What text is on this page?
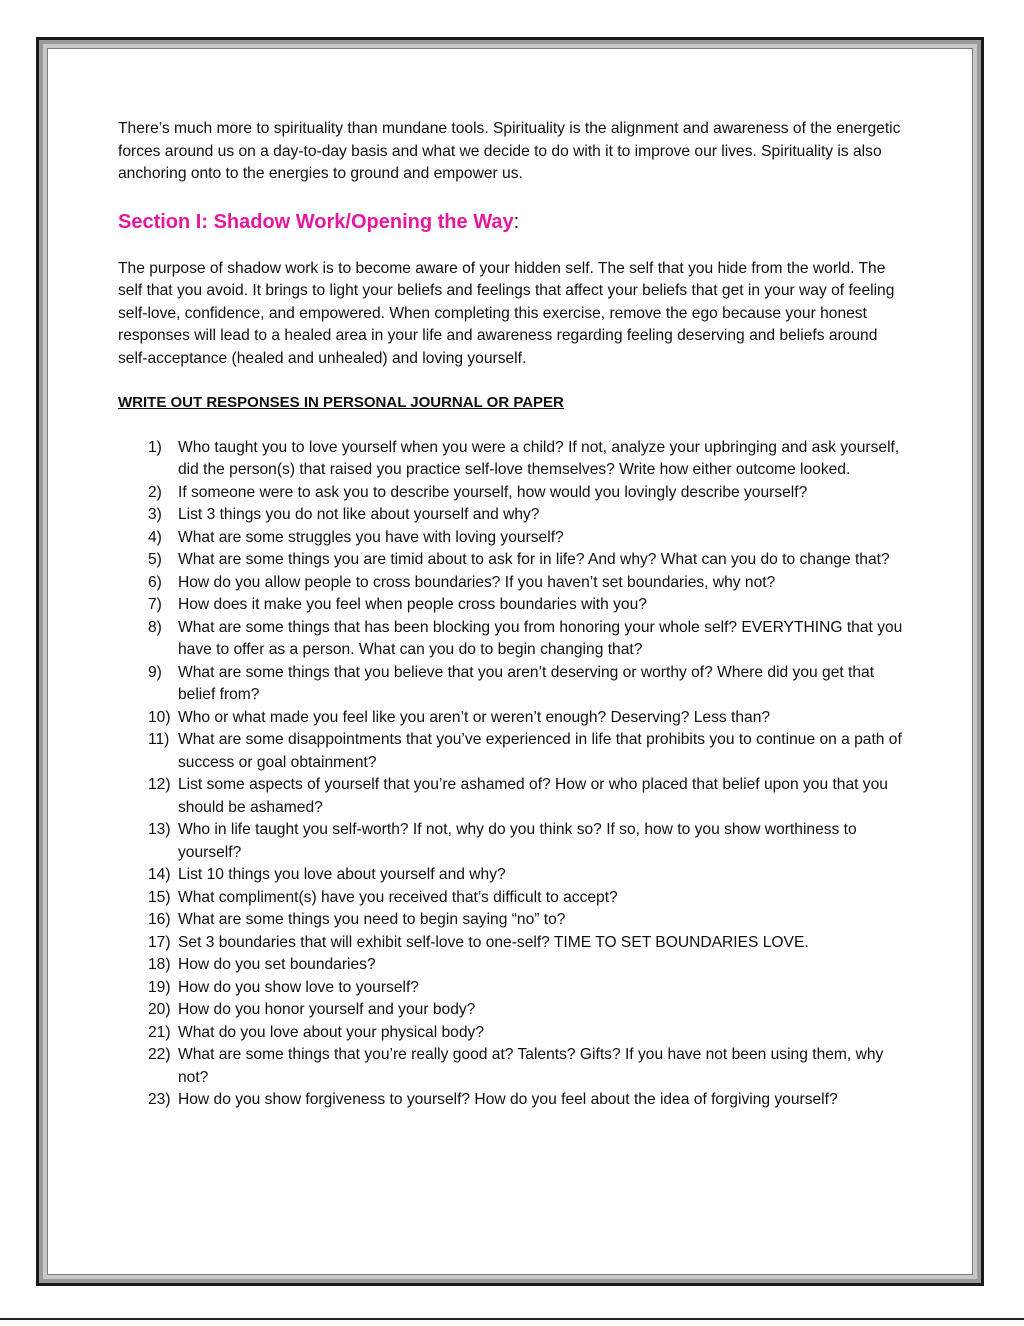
There’s much more to spirituality than mundane tools. Spirituality is the alignment and awareness of the energetic forces around us on a day-to-day basis and what we decide to do with it to improve our lives. Spirituality is also anchoring onto to the energies to ground and empower us.

Section I: Shadow Work/Opening the Way:

The purpose of shadow work is to become aware of your hidden self. The self that you hide from the world. The self that you avoid. It brings to light your beliefs and feelings that affect your beliefs that get in your way of feeling self-love, confidence, and empowered. When completing this exercise, remove the ego because your honest responses will lead to a healed area in your life and awareness regarding feeling deserving and beliefs around self-acceptance (healed and unhealed) and loving yourself.

WRITE OUT RESPONSES IN PERSONAL JOURNAL OR PAPER

1)	Who taught you to love yourself when you were a child? If not, analyze your upbringing and ask yourself, did the person(s) that raised you practice self-love themselves? Write how either outcome looked.
2)	If someone were to ask you to describe yourself, how would you lovingly describe yourself?
3)	List 3 things you do not like about yourself and why?
4)	What are some struggles you have with loving yourself?
5)	What are some things you are timid about to ask for in life? And why? What can you do to change that?
6)	How do you allow people to cross boundaries? If you haven’t set boundaries, why not?
7)	How does it make you feel when people cross boundaries with you?
8)	What are some things that has been blocking you from honoring your whole self? EVERYTHING that you have to offer as a person. What can you do to begin changing that?
9)	What are some things that you believe that you aren’t deserving or worthy of? Where did you get that belief from?
10) Who or what made you feel like you aren’t or weren’t enough? Deserving? Less than?
11) What are some disappointments that you’ve experienced in life that prohibits you to continue on a path of success or goal obtainment?
12) List some aspects of yourself that you’re ashamed of? How or who placed that belief upon you that you should be ashamed?
13) Who in life taught you self-worth? If not, why do you think so? If so, how to you show worthiness to yourself?
14) List 10 things you love about yourself and why?
15) What compliment(s) have you received that’s difficult to accept?
16) What are some things you need to begin saying “no” to?
17) Set 3 boundaries that will exhibit self-love to one-self? TIME TO SET BOUNDARIES LOVE.
18) How do you set boundaries?
19) How do you show love to yourself?
20) How do you honor yourself and your body?
21) What do you love about your physical body?
22) What are some things that you’re really good at? Talents? Gifts? If you have not been using them, why not?
23) How do you show forgiveness to yourself? How do you feel about the idea of forgiving yourself?
